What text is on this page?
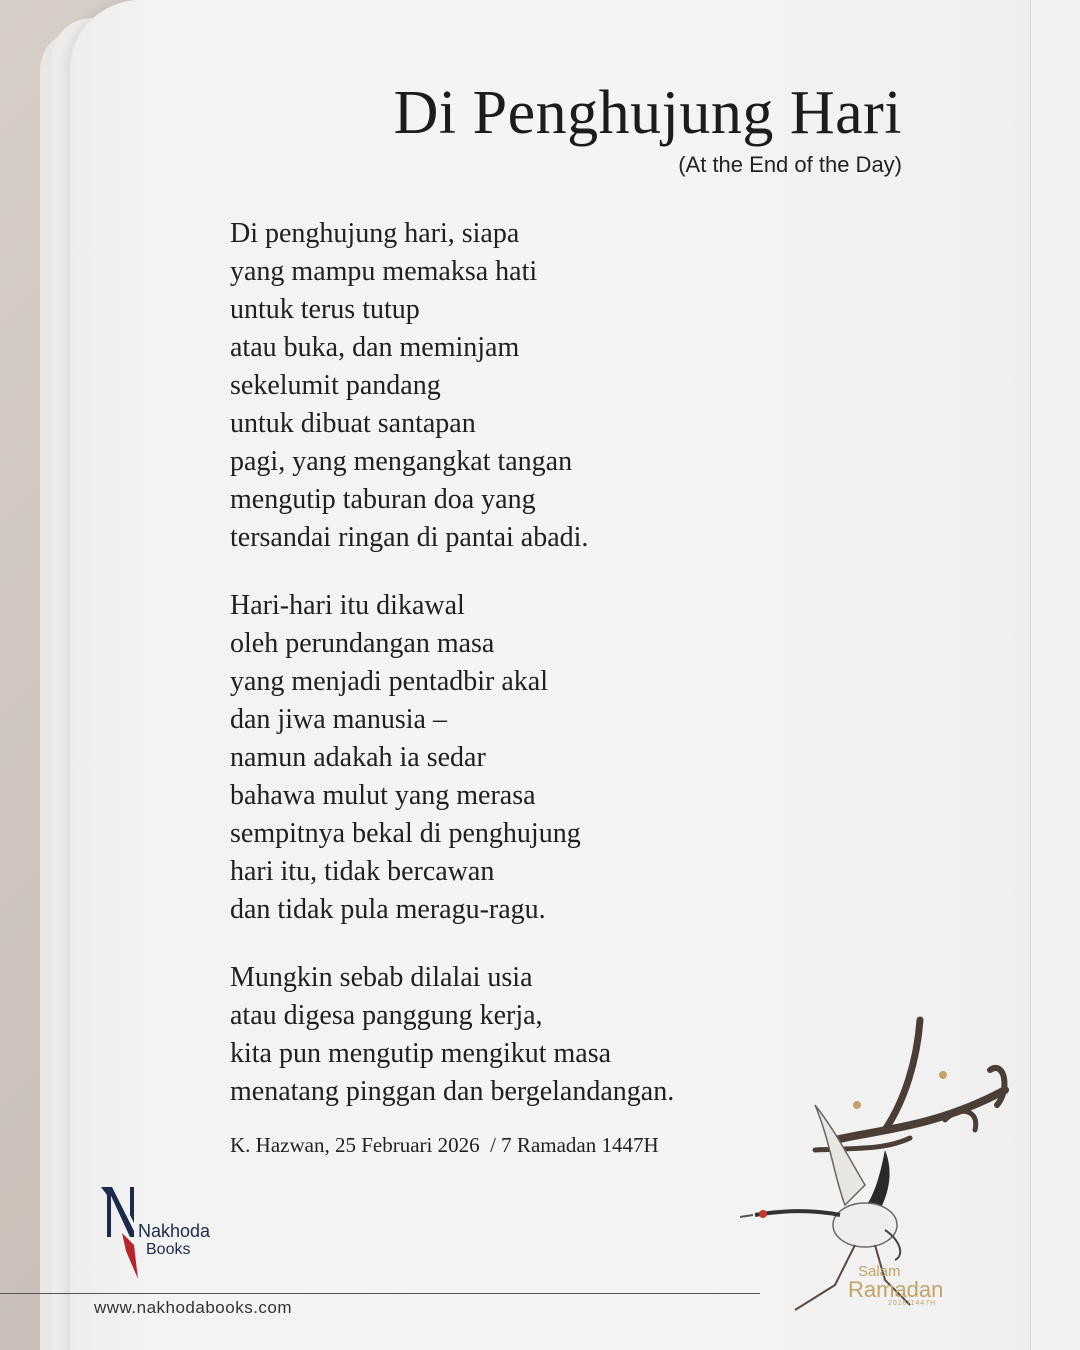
Di Penghujung Hari
(At the End of the Day)
Di penghujung hari, siapa
yang mampu memaksa hati
untuk terus tutup
atau buka, dan meminjam
sekelumit pandang
untuk dibuat santapan
pagi, yang mengangkat tangan
mengutip taburan doa yang
tersandai ringan di pantai abadi.
Hari-hari itu dikawal
oleh perundangan masa
yang menjadi pentadbir akal
dan jiwa manusia –
namun adakah ia sedar
bahawa mulut yang merasa
sempitnya bekal di penghujung
hari itu, tidak bercawan
dan tidak pula meragu-ragu.
Mungkin sebab dilalai usia
atau digesa panggung kerja,
kita pun mengutip mengikut masa
menatang pinggan dan bergelandangan.
K. Hazwan, 25 Februari 2026  / 7 Ramadan 1447H
Nakhoda
Books
www.nakhodabooks.com
Salam
Ramadan
2026/1447H
